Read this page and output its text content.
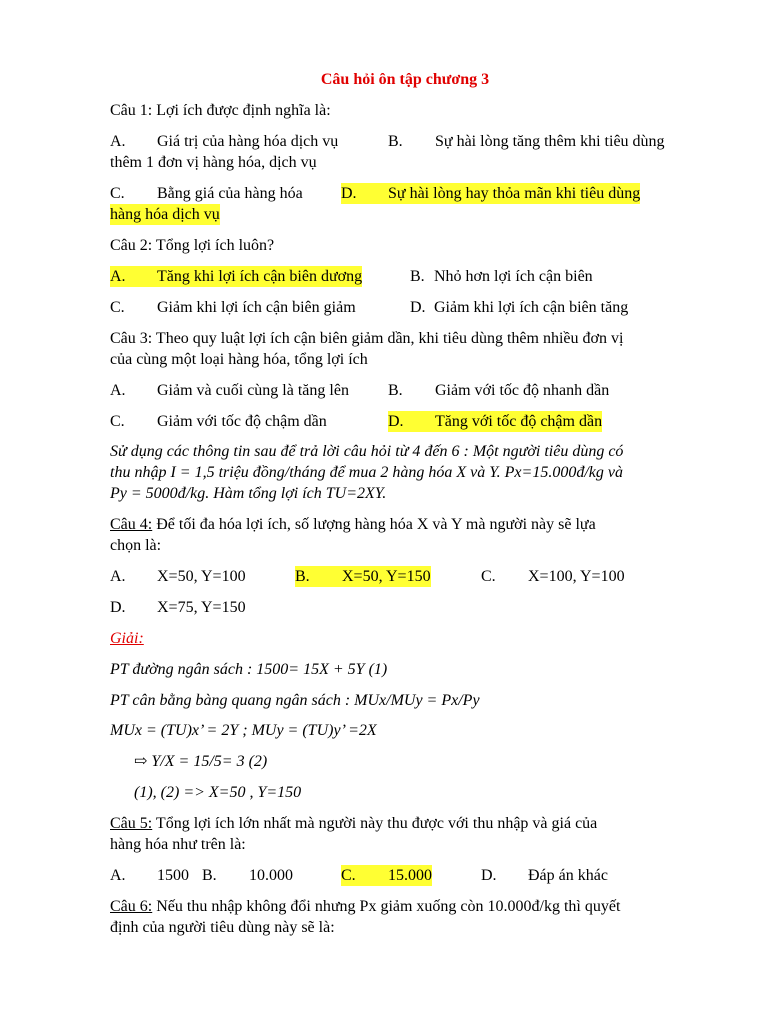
Câu hỏi ôn tập chương 3
Câu 1: Lợi ích được định nghĩa là:
A. Giá trị của hàng hóa dịch vụ	B. Sự hài lòng tăng thêm khi tiêu dùng
thêm 1 đơn vị hàng hóa, dịch vụ
C. Bằng giá của hàng hóa D. Sự hài lòng hay thỏa mãn khi tiêu dùng
hàng hóa dịch vụ
Câu 2: Tổng lợi ích luôn?
A. Tăng khi lợi ích cận biên dương	B. Nhỏ hơn lợi ích cận biên
C. Giảm khi lợi ích cận biên giảm	D. Giảm khi lợi ích cận biên tăng
Câu 3: Theo quy luật lợi ích cận biên giảm dần, khi tiêu dùng thêm nhiều đơn vị
của cùng một loại hàng hóa, tổng lợi ích
A. Giảm và cuối cùng là tăng lên B. Giảm với tốc độ nhanh dần
C. Giảm với tốc độ chậm dần	D. Tăng với tốc độ chậm dần
Sử dụng các thông tin sau để trả lời câu hỏi từ 4 đến 6 : Một người tiêu dùng có
thu nhập I = 1,5 triệu đồng/tháng để mua 2 hàng hóa X và Y. Px=15.000đ/kg và
Py = 5000đ/kg. Hàm tổng lợi ích TU=2XY.
Câu 4: Để tối đa hóa lợi ích, số lượng hàng hóa X và Y mà người này sẽ lựa
chọn là:
A. X=50, Y=100	B. X=50, Y=150	C. X=100, Y=100
D. X=75, Y=150
Giải:
PT đường ngân sách : 1500= 15X + 5Y (1)
PT cân bằng bàng quang ngân sách : MUx/MUy = Px/Py
MUx = (TU)x’ = 2Y ; MUy = (TU)y’ =2X
⇨ Y/X = 15/5= 3 (2)
(1), (2) => X=50 , Y=150
Câu 5: Tổng lợi ích lớn nhất mà người này thu được với thu nhập và giá của
hàng hóa như trên là:
A. 1500 B. 10.000	C. 15.000	D. Đáp án khác
Câu 6: Nếu thu nhập không đổi nhưng Px giảm xuống còn 10.000đ/kg thì quyết
định của người tiêu dùng này sẽ là:
